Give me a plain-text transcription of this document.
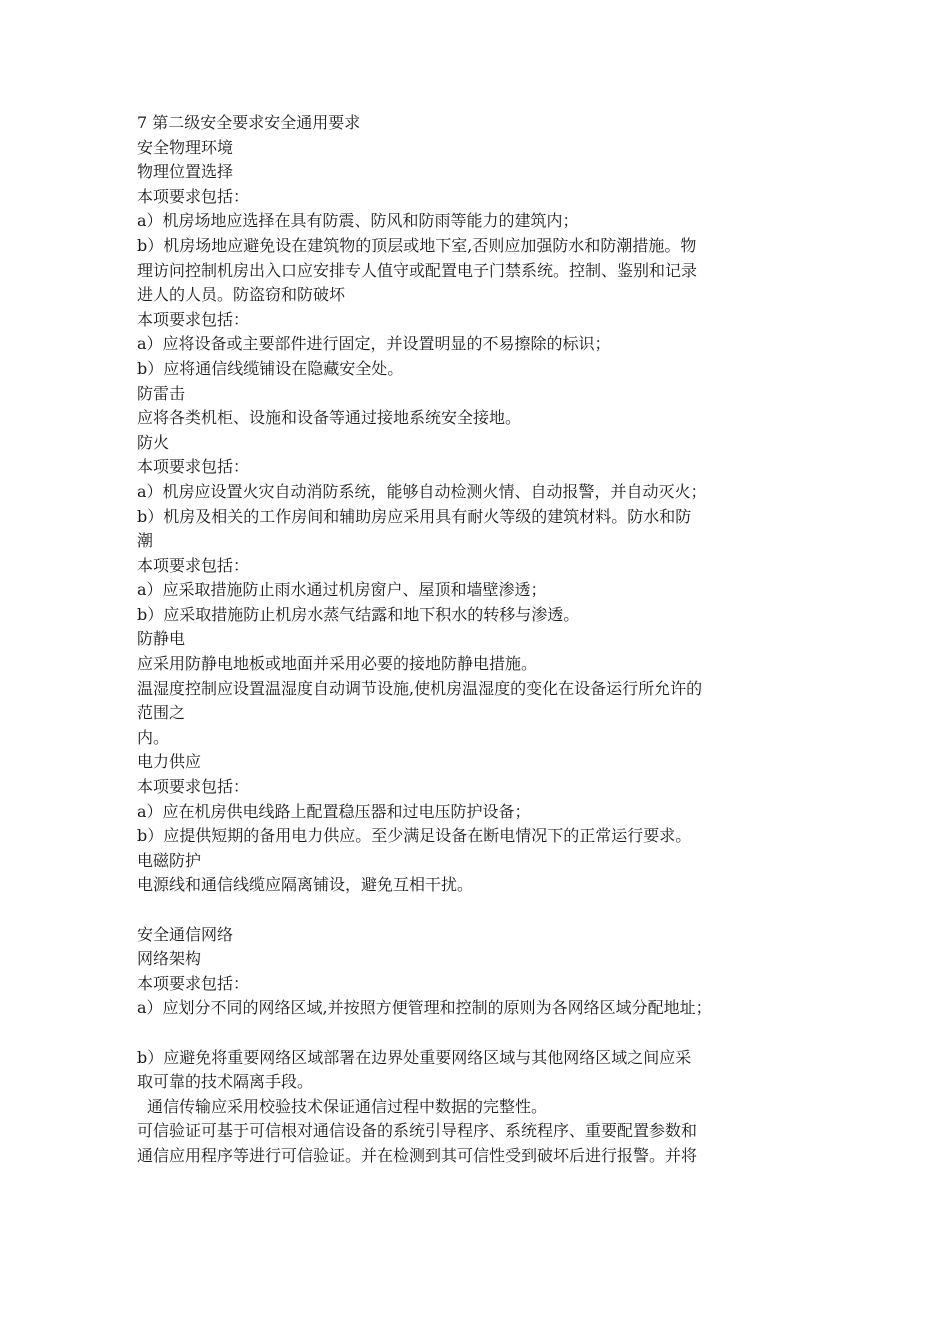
7 第二级安全要求安全通用要求
安全物理环境
物理位置选择
本项要求包括：
a）机房场地应选择在具有防震、防风和防雨等能力的建筑内；
b）机房场地应避免设在建筑物的顶层或地下室,否则应加强防水和防潮措施。物
理访问控制机房出入口应安排专人值守或配置电子门禁系统。控制、鉴别和记录
进人的人员。防盗窃和防破坏
本项要求包括：
a）应将设备或主要部件进行固定，并设置明显的不易擦除的标识；
b）应将通信线缆铺设在隐藏安全处。
防雷击
应将各类机柜、设施和设备等通过接地系统安全接地。
防火
本项要求包括：
a）机房应设置火灾自动消防系统，能够自动检测火情、自动报警，并自动灭火；
b）机房及相关的工作房间和辅助房应采用具有耐火等级的建筑材料。防水和防
潮
本项要求包括：
a）应采取措施防止雨水通过机房窗户、屋顶和墙壁渗透；
b）应采取措施防止机房水蒸气结露和地下积水的转移与渗透。
防静电
应采用防静电地板或地面并采用必要的接地防静电措施。
温湿度控制应设置温湿度自动调节设施,使机房温湿度的变化在设备运行所允许的
范围之
内。
电力供应
本项要求包括：
a）应在机房供电线路上配置稳压器和过电压防护设备；
b）应提供短期的备用电力供应。至少满足设备在断电情况下的正常运行要求。
电磁防护
电源线和通信线缆应隔离铺设，避免互相干扰。
安全通信网络
网络架构
本项要求包括：
a）应划分不同的网络区域,并按照方便管理和控制的原则为各网络区域分配地址；
b）应避免将重要网络区域部署在边界处重要网络区域与其他网络区域之间应采
取可靠的技术隔离手段。
通信传输应采用校验技术保证通信过程中数据的完整性。
可信验证可基于可信根对通信设备的系统引导程序、系统程序、重要配置参数和
通信应用程序等进行可信验证。并在检测到其可信性受到破坏后进行报警。并将
